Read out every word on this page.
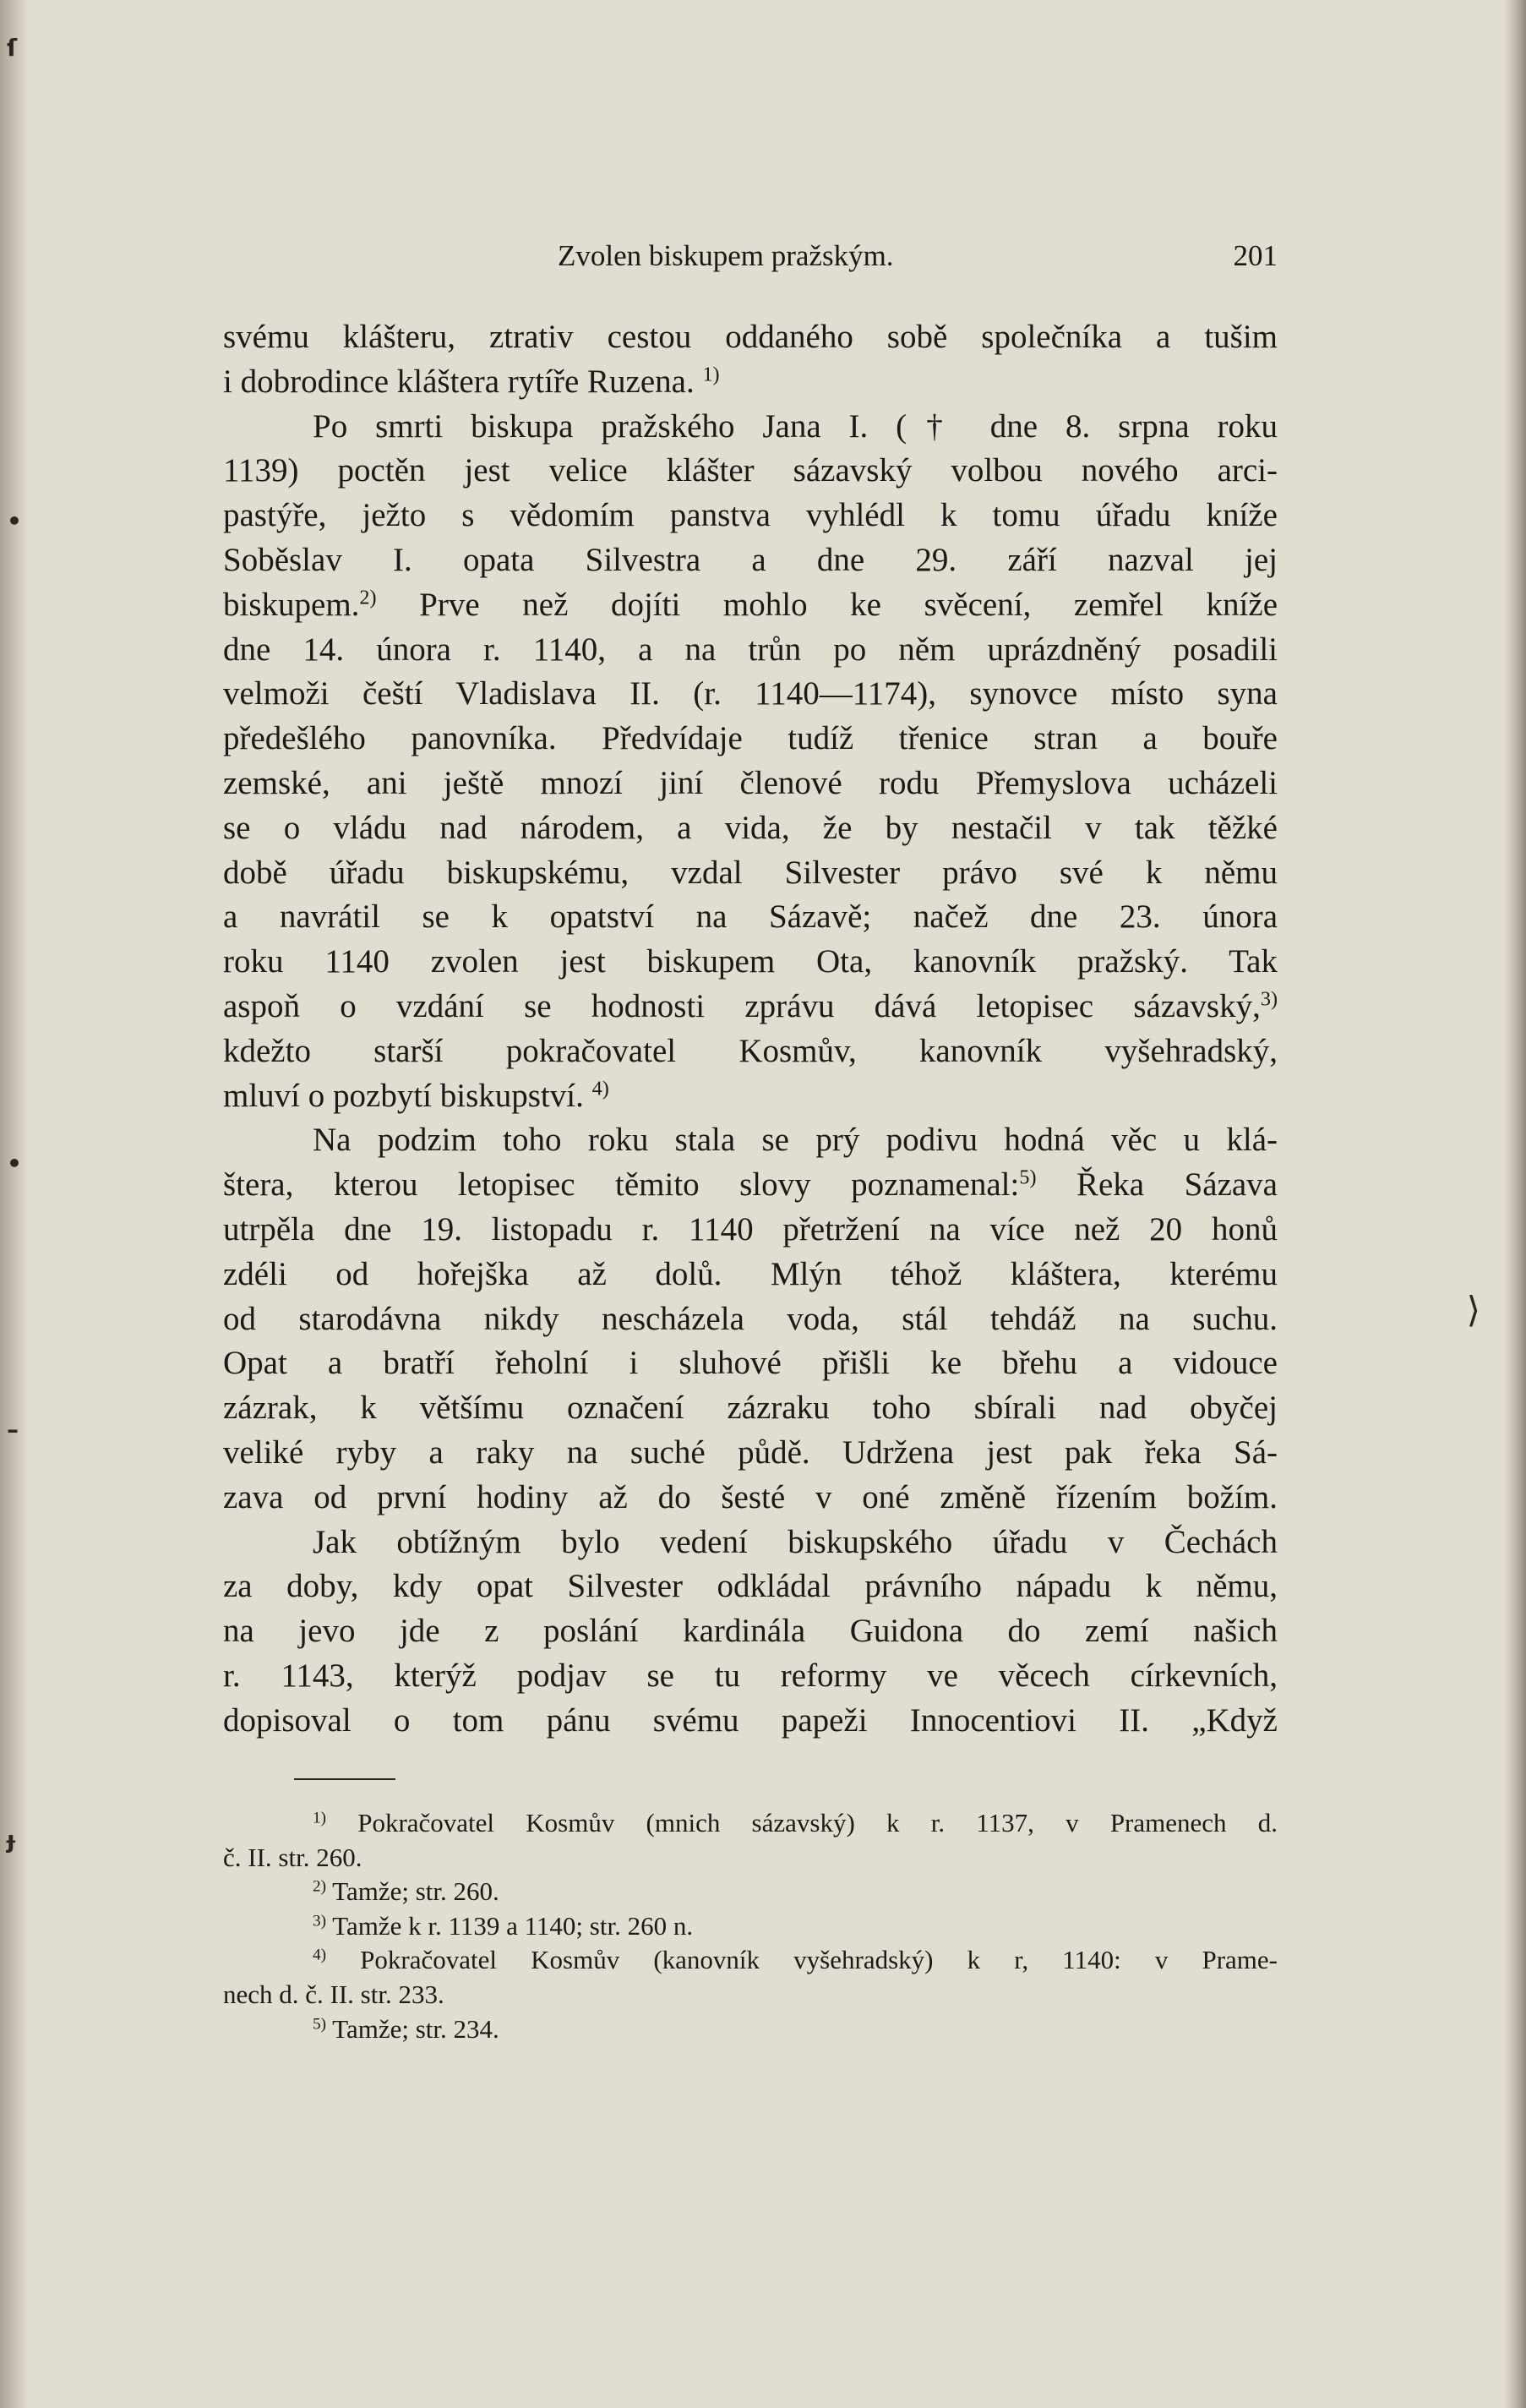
ſ
•
•
–
ɟ
Zvolen biskupem pražským.	201
svému klášteru, ztrativ cestou oddaného sobě společníka a tušim
i dobrodince kláštera rytíře Ruzena. $^{1)}$
Po smrti biskupa pražského Jana I. († dne 8. srpna roku
1139) poctěn jest velice klášter sázavský volbou nového arci-
pastýře, ježto s vědomím panstva vyhlédl k tomu úřadu kníže
Soběslav I. opata Silvestra a dne 29. září nazval jej
biskupem.$^{2)}$ Prve než dojíti mohlo ke svěcení, zemřel kníže
dne 14. února r. 1140, a na trůn po něm uprázdněný posadili
velmoži čeští Vladislava II. (r. 1140—1174), synovce místo syna
předešlého panovníka. Předvídaje tudíž třenice stran a bouře
zemské, ani ještě mnozí jiní členové rodu Přemyslova ucházeli
se o vládu nad národem, a vida, že by nestačil v tak těžké
době úřadu biskupskému, vzdal Silvester právo své k němu
a navrátil se k opatství na Sázavě; načež dne 23. února
roku 1140 zvolen jest biskupem Ota, kanovník pražský. Tak
aspoň o vzdání se hodnosti zprávu dává letopisec sázavský,$^{3)}$
kdežto starší pokračovatel Kosmův, kanovník vyšehradský,
mluví o pozbytí biskupství. $^{4)}$
Na podzim toho roku stala se prý podivu hodná věc u klá-
štera, kterou letopisec těmito slovy poznamenal:$^{5)}$ Řeka Sázava
utrpěla dne 19. listopadu r. 1140 přetržení na více než 20 honů
zdéli od hořejška až dolů. Mlýn téhož kláštera, kterému
od starodávna nikdy nescházela voda, stál tehdáž na suchu.
Opat a bratří řeholní i sluhové přišli ke břehu a vidouce
zázrak, k většímu označení zázraku toho sbírali nad obyčej
veliké ryby a raky na suché půdě. Udržena jest pak řeka Sá-
zava od první hodiny až do šesté v oné změně řízením božím.
Jak obtížným bylo vedení biskupského úřadu v Čechách
za doby, kdy opat Silvester odkládal právního nápadu k němu,
na jevo jde z poslání kardinála Guidona do zemí našich
r. 1143, kterýž podjav se tu reformy ve věcech církevních,
dopisoval o tom pánu svému papeži Innocentiovi II. „Když
⟩
$^{1)}$ Pokračovatel Kosmův (mnich sázavský) k r. 1137, v Pramenech d.
č. II. str. 260.
$^{2)}$ Tamže; str. 260.
$^{3)}$ Tamže k r. 1139 a 1140; str. 260 n.
$^{4)}$ Pokračovatel Kosmův (kanovník vyšehradský) k r, 1140: v Prame-
nech d. č. II. str. 233.
$^{5)}$ Tamže; str. 234.
